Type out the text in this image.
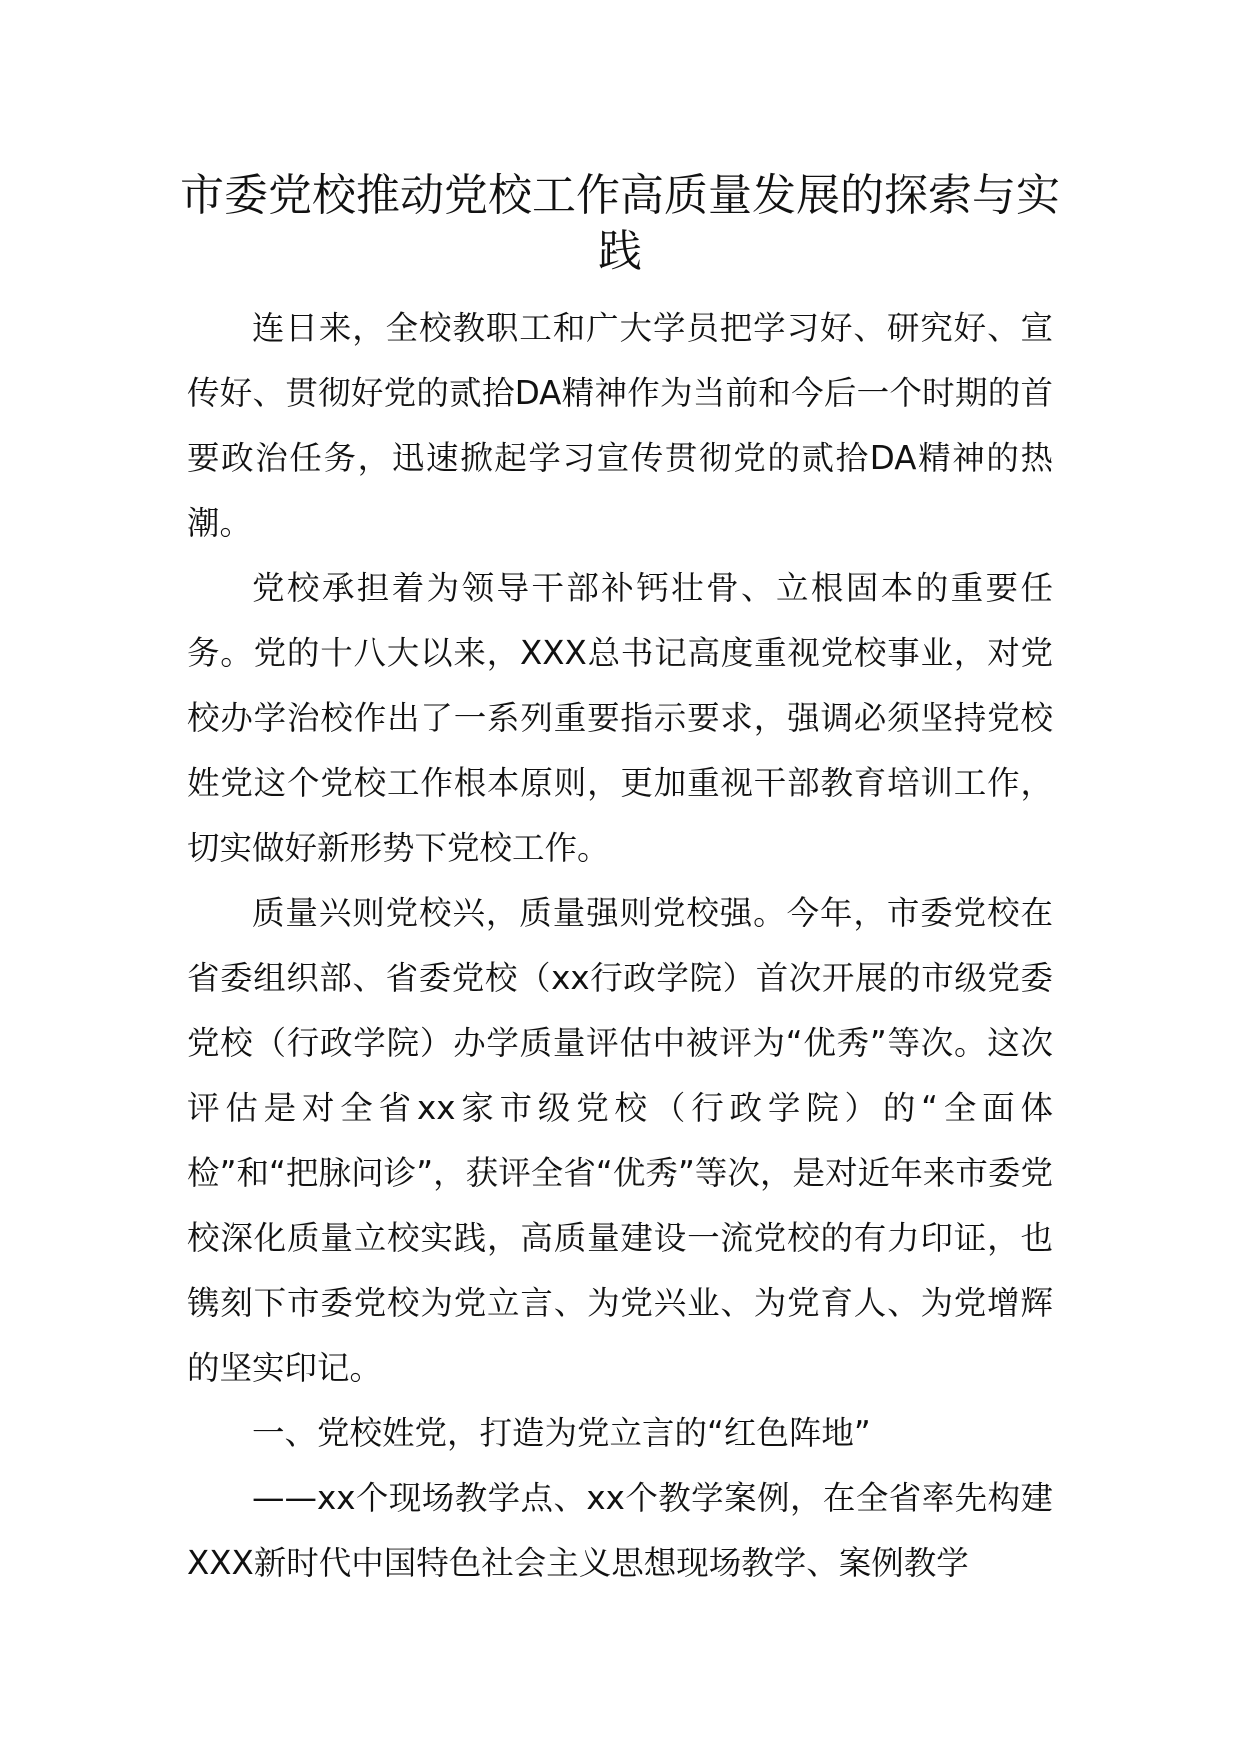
市委党校推动党校工作高质量发展的探索与实践

连日来，全校教职工和广大学员把学习好、研究好、宣传好、贯彻好党的贰拾DA精神作为当前和今后一个时期的首要政治任务，迅速掀起学习宣传贯彻党的贰拾DA精神的热潮。

党校承担着为领导干部补钙壮骨、立根固本的重要任务。党的十八大以来，XXX总书记高度重视党校事业，对党校办学治校作出了一系列重要指示要求，强调必须坚持党校姓党这个党校工作根本原则，更加重视干部教育培训工作，切实做好新形势下党校工作。

质量兴则党校兴，质量强则党校强。今年，市委党校在省委组织部、省委党校（xx行政学院）首次开展的市级党委党校（行政学院）办学质量评估中被评为“优秀”等次。这次评估是对全省xx家市级党校（行政学院）的“全面体检”和“把脉问诊”，获评全省“优秀”等次，是对近年来市委党校深化质量立校实践，高质量建设一流党校的有力印证，也镌刻下市委党校为党立言、为党兴业、为党育人、为党增辉的坚实印记。

一、党校姓党，打造为党立言的“红色阵地”

——xx个现场教学点、xx个教学案例，在全省率先构建XXX新时代中国特色社会主义思想现场教学、案例教学
